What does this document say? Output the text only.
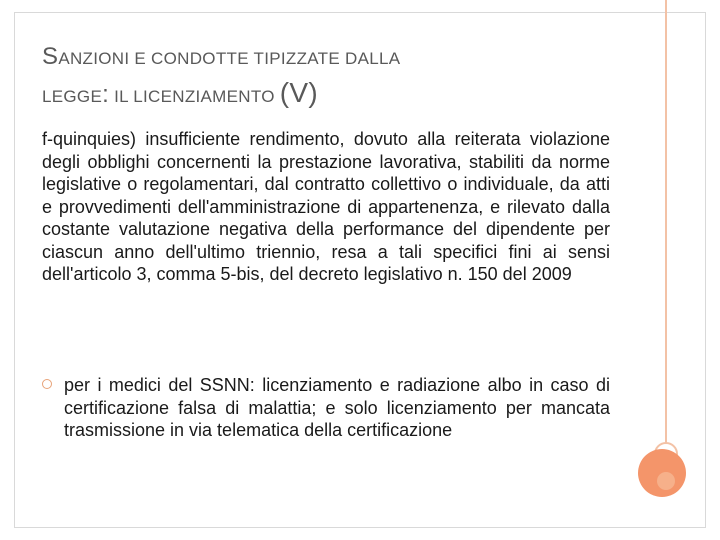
SANZIONI E CONDOTTE TIPIZZATE DALLA
LEGGE: IL LICENZIAMENTO (V)

f-quinquies) insufficiente rendimento, dovuto alla reiterata violazione degli obblighi concernenti la prestazione lavorativa, stabiliti da norme legislative o regolamentari, dal contratto collettivo o individuale, da atti e provvedimenti dell'amministrazione di appartenenza, e rilevato dalla costante valutazione negativa della performance del dipendente per ciascun anno dell'ultimo triennio, resa a tali specifici fini ai sensi dell'articolo 3, comma 5-bis, del decreto legislativo n. 150 del 2009

per i medici del SSNN: licenziamento e radiazione albo in caso di certificazione falsa di malattia; e solo licenziamento per mancata trasmissione in via telematica della certificazione
